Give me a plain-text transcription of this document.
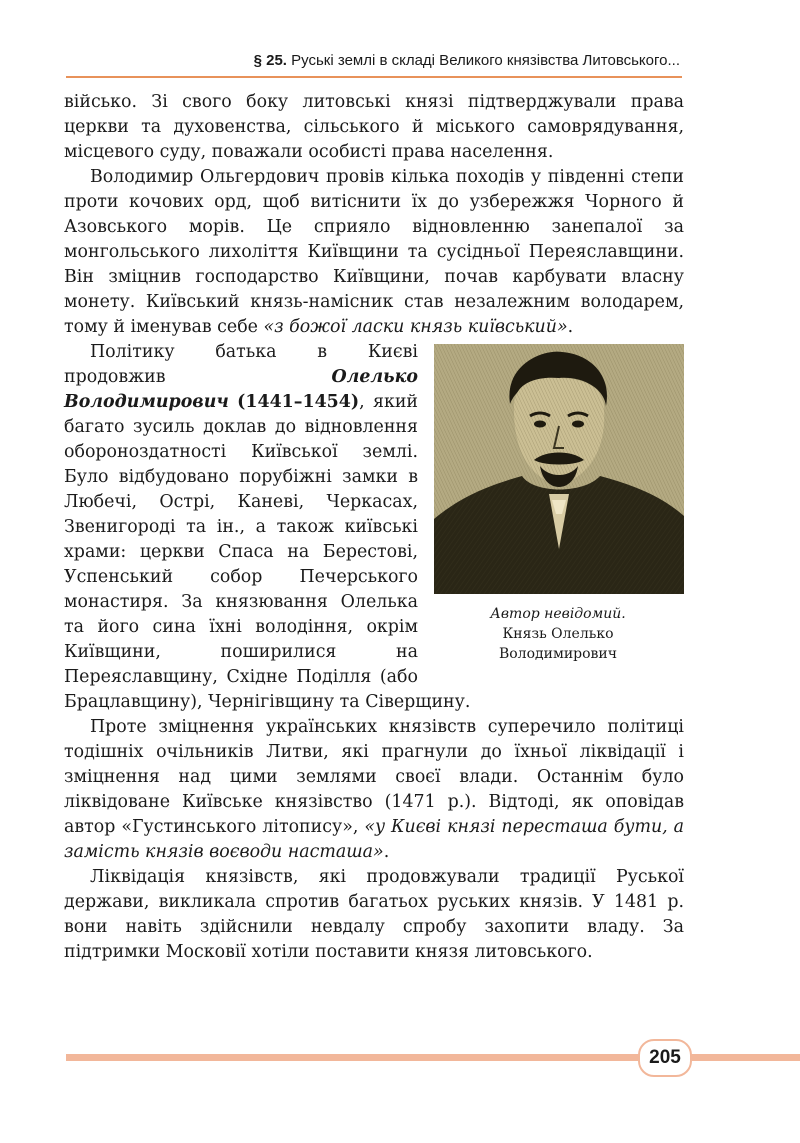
§ 25. Руські землі в складі Великого князівства Литовського...

військо. Зі свого боку литовські князі підтверджували права церкви та духовенства, сільського й міського самоврядування, місцевого суду, поважали особисті права населення.

Володимир Ольгердович провів кілька походів у південні степи проти кочових орд, щоб витіснити їх до узбережжя Чорного й Азовського морів. Це сприяло відновленню занепалої за монгольського лихоліття Київщини та сусідньої Переяславщини. Він зміцнив господарство Київщини, почав карбувати власну монету. Київський князь-намісник став незалежним володарем, тому й іменував себе «з божої ласки князь київський».

Автор невідомий.
Князь Олелько
Володимирович

Політику батька в Києві продовжив Олелько Володимирович (1441–1454), який багато зусиль доклав до відновлення обороноздатності Київської землі. Було відбудовано порубіжні замки в Любечі, Острі, Каневі, Черкасах, Звенигороді та ін., а також київські храми: церкви Спаса на Берестові, Успенський собор Печерського монастиря. За князювання Олелька та його сина їхні володіння, окрім Київщини, поширилися на Переяславщину, Східне Поділля (або Брацлавщину), Чернігівщину та Сіверщину.

Проте зміцнення українських князівств суперечило політиці тодішніх очільників Литви, які прагнули до їхньої ліквідації і зміцнення над цими землями своєї влади. Останнім було ліквідоване Київське князівство (1471 р.). Відтоді, як оповідав автор «Густинського літопису», «у Києві князі пересташа бути, а замість князів воєводи насташа».

Ліквідація князівств, які продовжували традиції Руської держави, викликала спротив багатьох руських князів. У 1481 р. вони навіть здійснили невдалу спробу захопити владу. За підтримки Московії хотіли поставити князя литовського.

205
